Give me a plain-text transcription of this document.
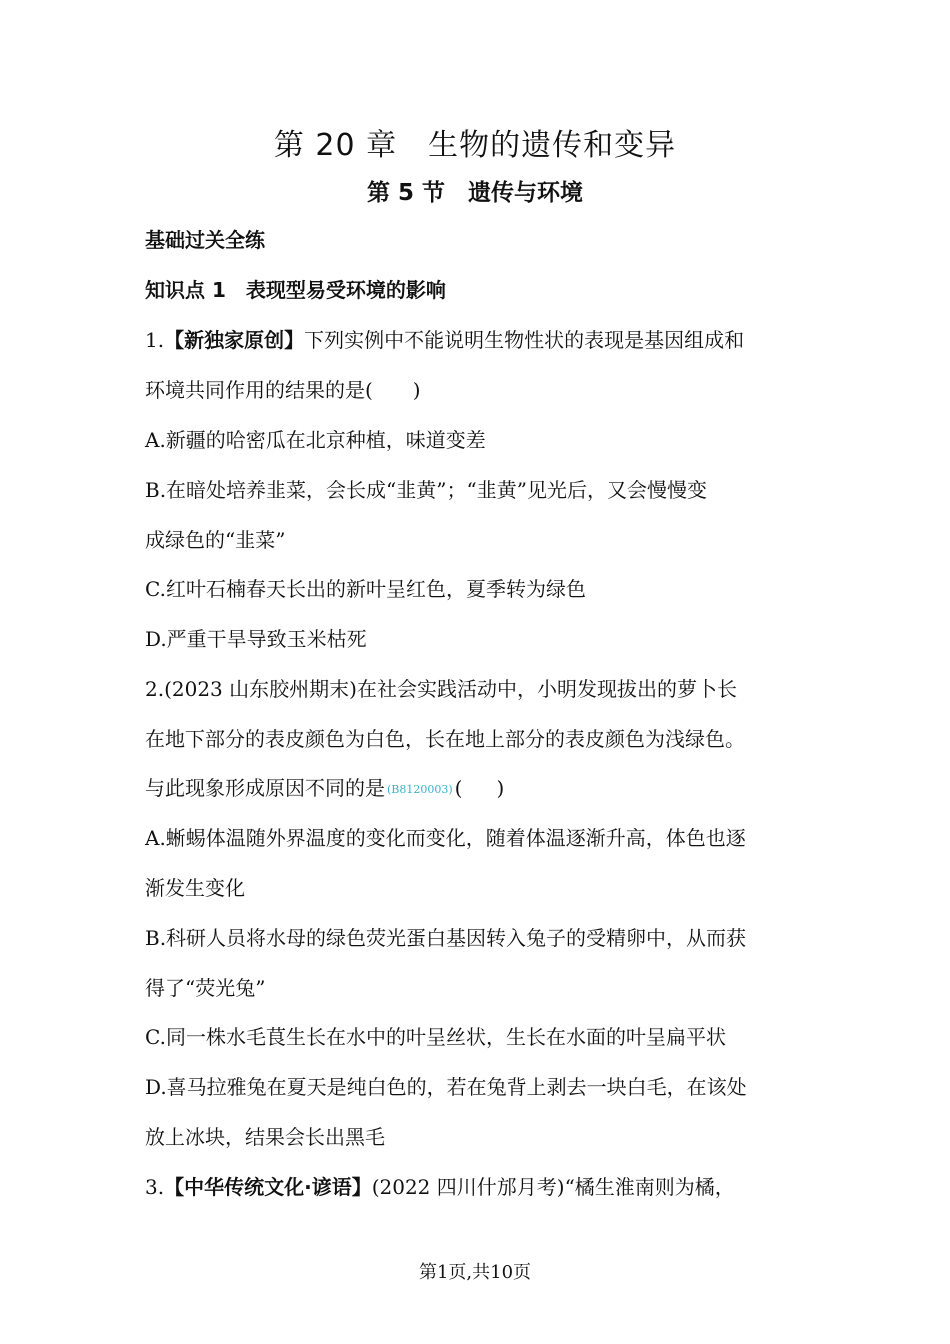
第 20 章　生物的遗传和变异
第 5 节　遗传与环境
基础过关全练
知识点 1　表现型易受环境的影响
1.【新独家原创】下列实例中不能说明生物性状的表现是基因组成和
环境共同作用的结果的是(　　)
A.新疆的哈密瓜在北京种植，味道变差
B.在暗处培养韭菜，会长成“韭黄”；“韭黄”见光后，又会慢慢变
成绿色的“韭菜”
C.红叶石楠春天长出的新叶呈红色，夏季转为绿色
D.严重干旱导致玉米枯死
2.(2023 山东胶州期末)在社会实践活动中，小明发现拔出的萝卜长
在地下部分的表皮颜色为白色，长在地上部分的表皮颜色为浅绿色。
与此现象形成原因不同的是 (B8120003) ( )
A.蜥蜴体温随外界温度的变化而变化，随着体温逐渐升高，体色也逐
渐发生变化
B.科研人员将水母的绿色荧光蛋白基因转入兔子的受精卵中，从而获
得了“荧光兔”
C.同一株水毛茛生长在水中的叶呈丝状，生长在水面的叶呈扁平状
D.喜马拉雅兔在夏天是纯白色的，若在兔背上剥去一块白毛，在该处
放上冰块，结果会长出黑毛
3.【中华传统文化·谚语】(2022 四川什邡月考)“橘生淮南则为橘，
第1页,共10页
